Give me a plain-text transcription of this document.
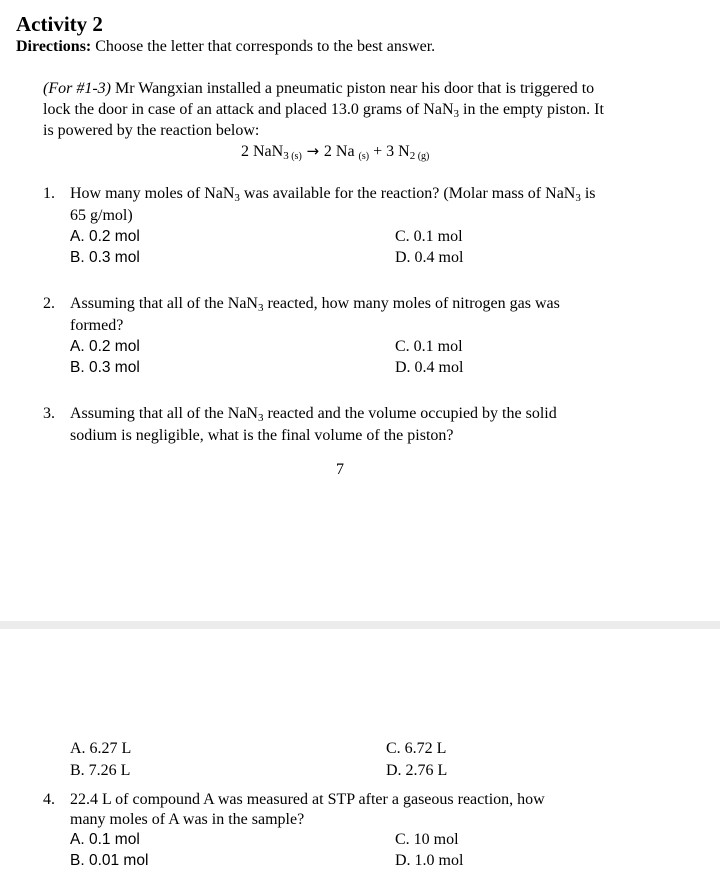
Activity 2
Directions: Choose the letter that corresponds to the best answer.
(For #1-3) Mr Wangxian installed a pneumatic piston near his door that is triggered to
lock the door in case of an attack and placed 13.0 grams of NaN3 in the empty piston. It
is powered by the reaction below:
2 NaN3 $_{(s)}$ → 2 Na $_{(s)}$ + 3 N2 $_{(g)}$
1. How many moles of NaN3 was available for the reaction? (Molar mass of NaN3 is
65 g/mol)
A. 0.2 mol
B. 0.3 mol
C. 0.1 mol
D. 0.4 mol
2. Assuming that all of the NaN3 reacted, how many moles of nitrogen gas was
formed?
A. 0.2 mol
B. 0.3 mol
C. 0.1 mol
D. 0.4 mol
3. Assuming that all of the NaN3 reacted and the volume occupied by the solid
sodium is negligible, what is the final volume of the piston?
7
A. 6.27 L
B. 7.26 L
C. 6.72 L
D. 2.76 L
4. 22.4 L of compound A was measured at STP after a gaseous reaction, how
many moles of A was in the sample?
A. 0.1 mol
B. 0.01 mol
C. 10 mol
D. 1.0 mol
